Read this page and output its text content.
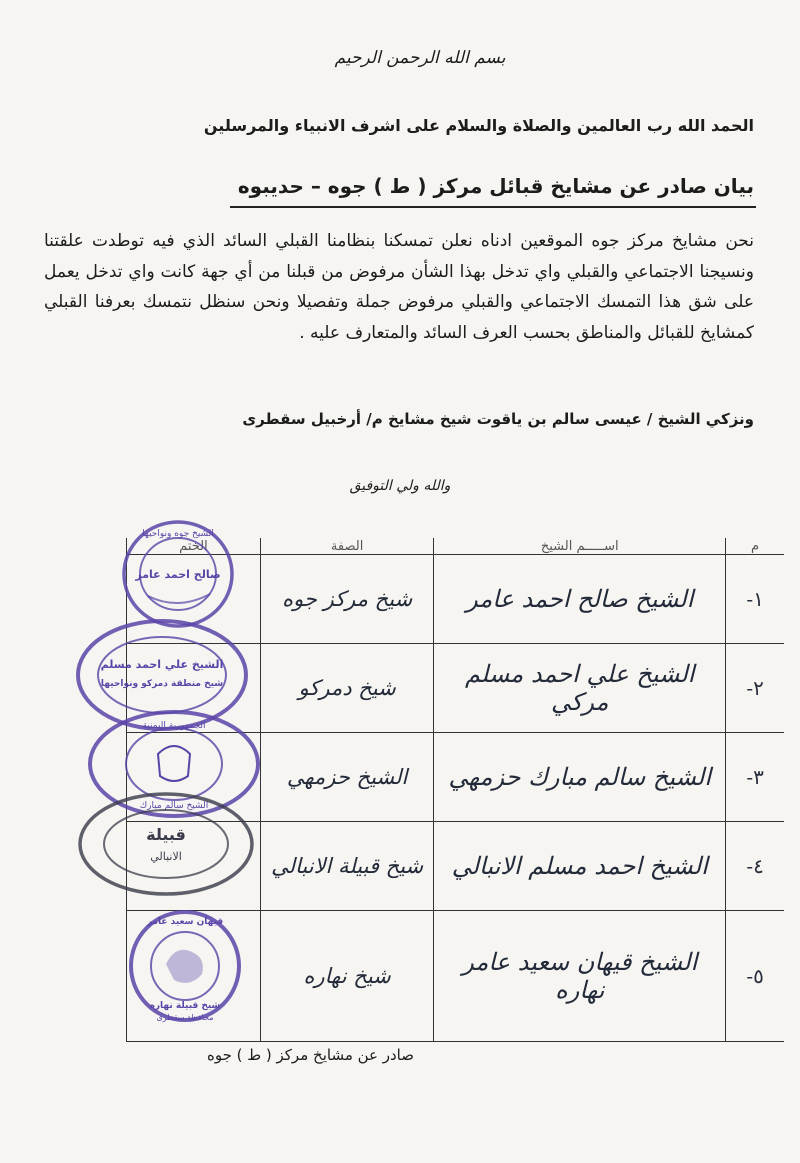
بسم الله الرحمن الرحيم
الحمد الله رب العالمين والصلاة والسلام على اشرف الانبياء والمرسلين
بيان صادر عن مشايخ قبائل مركز ( ط ) جوه – حديبوه
نحن مشايخ مركز جوه الموقعين ادناه نعلن تمسكنا بنظامنا القبلي السائد الذي فيه توطدت علقتنا ونسيجنا الاجتماعي والقبلي واي تدخل بهذا الشأن مرفوض من قبلنا من أي جهة كانت واي تدخل يعمل على شق هذا التمسك الاجتماعي والقبلي مرفوض جملة وتفصيلا ونحن سنظل نتمسك بعرفنا القبلي كمشايخ للقبائل والمناطق بحسب العرف السائد والمتعارف عليه .
ونزكي الشيخ / عيسى سالم بن ياقوت شيخ مشايخ م/ أرخبيل سقطرى
والله ولي التوفيق
م	اســـــم الشيخ	الصفة	الختم
١-	الشيخ صالح احمد عامر	شيخ مركز جوه	

٢-	الشيخ علي احمد مسلم مركي	شيخ دمركو	

٣-	الشيخ سالم مبارك حزمهي	الشيخ حزمهي	

٤-	الشيخ احمد مسلم الانبالي	شيخ قبيلة الانبالي	

٥-	الشيخ قيهان سعيد عامر نهاره	شيخ نهاره	

الشيخ جوه ونواحيها
صالح احمد عامر
الشيخ علي احمد مسلم
شيخ منطقة دمركو ونواحيها
الجمهورية اليمنية
الشيخ سالم مبارك
قبيلة
الانبالي
قيهان سعيد عامر
شيخ قبيلة نهاره
محافظة سقطرى
صادر عن مشايخ مركز ( ط ) جوه
